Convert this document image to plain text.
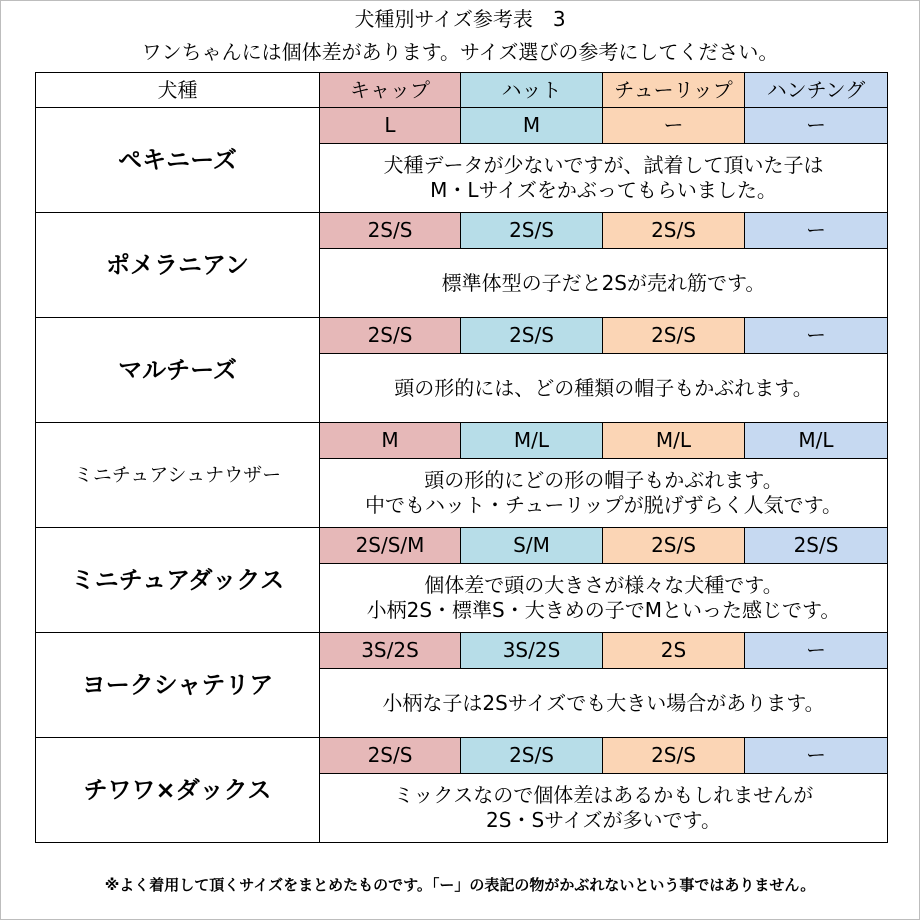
犬種別サイズ参考表　3
ワンちゃんには個体差があります。サイズ選びの参考にしてください。
犬種	キャップ	ハット	チューリップ	ハンチング
ペキニーズ	L	M	ー	ー

	犬種データが少ないですが、試着して頂いた子は
M・Lサイズをかぶってもらいました。			

ポメラニアン	2S/S	2S/S	2S/S	ー

	標準体型の子だと2Sが売れ筋です。			

マルチーズ	2S/S	2S/S	2S/S	ー

	頭の形的には、どの種類の帽子もかぶれます。			

ミニチュアシュナウザー	M	M/L	M/L	M/L

	頭の形的にどの形の帽子もかぶれます。
中でもハット・チューリップが脱げずらく人気です。			

ミニチュアダックス	2S/S/M	S/M	2S/S	2S/S

	個体差で頭の大きさが様々な犬種です。
小柄2S・標準S・大きめの子でMといった感じです。			

ヨークシャテリア	3S/2S	3S/2S	2S	ー

	小柄な子は2Sサイズでも大きい場合があります。			

チワワ×ダックス	2S/S	2S/S	2S/S	ー

	ミックスなので個体差はあるかもしれませんが
2S・Sサイズが多いです。			
※よく着用して頂くサイズをまとめたものです。「ー」の表記の物がかぶれないという事ではありません。
